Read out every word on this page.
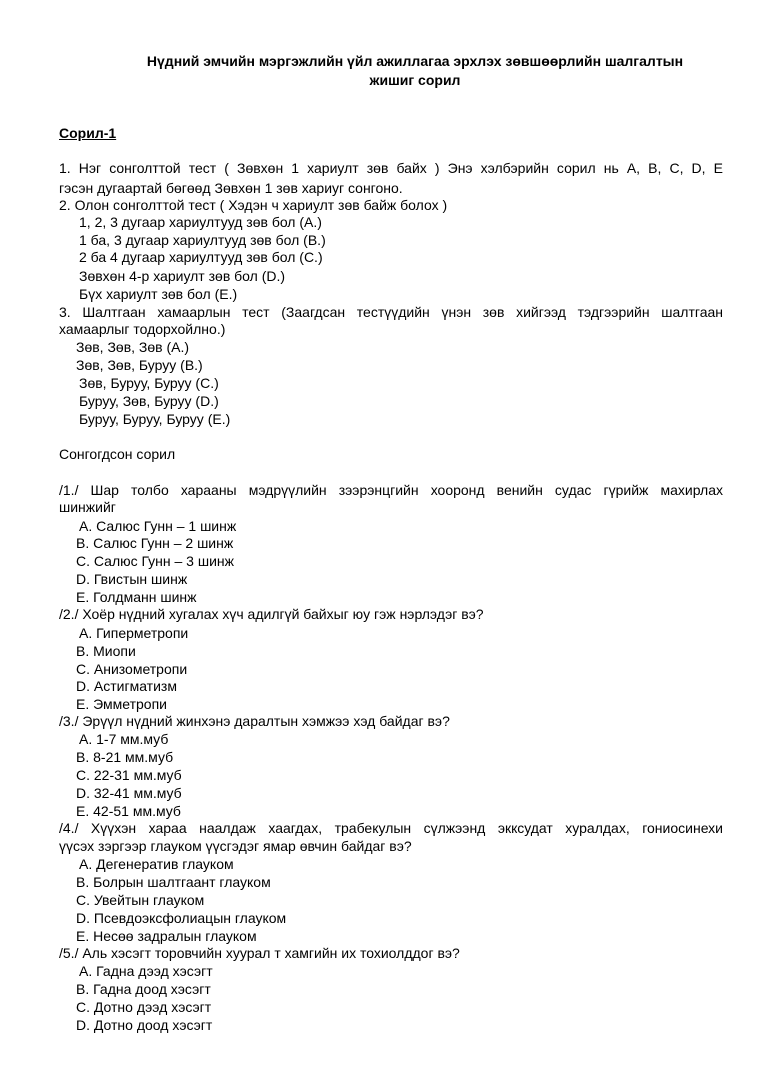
Нүдний эмчийн мэргэжлийн үйл ажиллагаа эрхлэх зөвшөөрлийн шалгалтын
жишиг сорил
Сорил-1
1. Нэг сонголттой тест ( Зөвхөн 1 хариулт зөв байх ) Энэ хэлбэрийн сорил нь A, B, C, D, E
гэсэн дугаартай бөгөөд Зөвхөн 1 зөв хариуг сонгоно.
2. Олон сонголттой тест ( Хэдэн ч хариулт зөв байж болох )
1, 2, 3 дугаар хариултууд зөв бол (A.)
1 ба, 3 дугаар хариултууд зөв бол (B.)
2 ба 4 дугаар хариултууд зөв бол (C.)
Зөвхөн 4-р хариулт зөв бол (D.)
Бүх хариулт зөв бол (E.)
3. Шалтгаан хамаарлын тест (Заагдсан тестүүдийн үнэн зөв хийгээд тэдгээрийн шалтгаан
хамаарлыг тодорхойлно.)
Зөв, Зөв, Зөв (A.)
Зөв, Зөв, Буруу (B.)
Зөв, Буруу, Буруу (C.)
Буруу, Зөв, Буруу (D.)
Буруу, Буруу, Буруу (E.)
Сонгогдсон сорил
/1./ Шар толбо харааны мэдрүүлийн зээрэнцгийн хооронд венийн судас гүрийж махирлах
шинжийг
A. Салюс Гунн – 1 шинж
B. Салюс Гунн – 2 шинж
C. Салюс Гунн – 3 шинж
D. Гвистын шинж
E. Голдманн шинж
/2./ Хоёр нүдний хугалах хүч адилгүй байхыг юу гэж нэрлэдэг вэ?
A. Гиперметропи
B. Миопи
C. Анизометропи
D. Астигматизм
E. Эмметропи
/3./ Эрүүл нүдний жинхэнэ даралтын хэмжээ хэд байдаг вэ?
A. 1-7 мм.муб
B. 8-21 мм.муб
C. 22-31 мм.муб
D. 32-41 мм.муб
E. 42-51 мм.муб
/4./ Хүүхэн хараа наалдаж хаагдах, трабекулын сүлжээнд эккcудат хуралдах, гониосинехи
үүсэх зэргээр глауком үүсгэдэг ямар өвчин байдаг вэ?
A. Дегенератив глауком
B. Болрын шалтгаант глауком
C. Увейтын глауком
D. Псевдоэксфолиацын глауком
E. Несөө задралын глауком
/5./ Аль хэсэгт торовчийн хуурал т хамгийн их тохиолддог вэ?
A. Гадна дээд хэсэгт
B. Гадна доод хэсэгт
C. Дотно дээд хэсэгт
D. Дотно доод хэсэгт
